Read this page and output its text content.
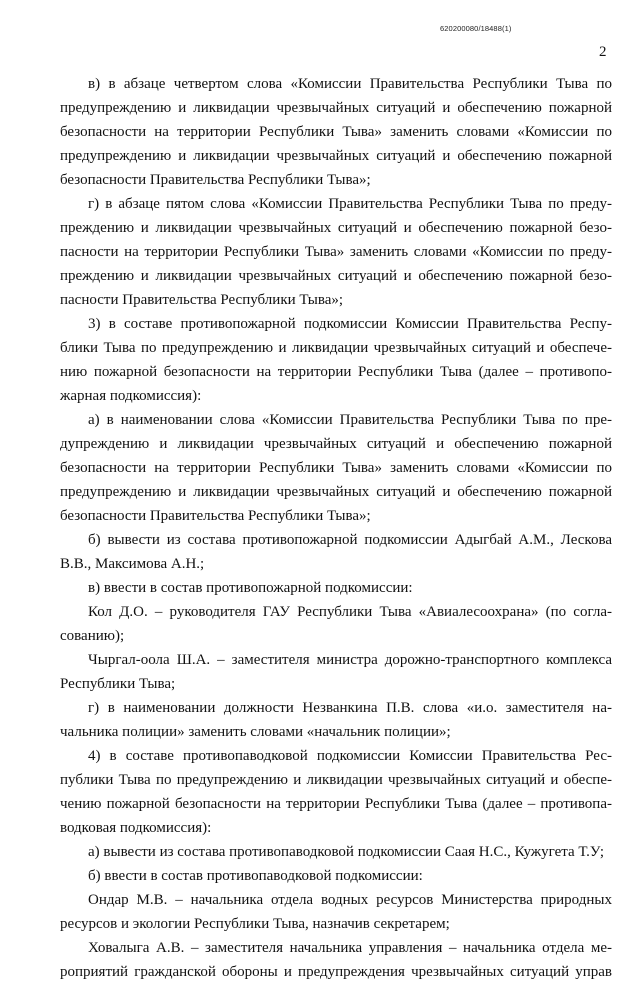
620200080/18488(1)
2

в) в абзаце четвертом слова «Комиссии Правительства Республики Тыва по предупреждению и ликвидации чрезвычайных ситуаций и обеспечению пожарной безопасности на территории Республики Тыва» заменить словами «Комиссии по предупреждению и ликвидации чрезвычайных ситуаций и обеспечению пожарной безопасности Правительства Республики Тыва»;

г) в абзаце пятом слова «Комиссии Правительства Республики Тыва по предупреждению и ликвидации чрезвычайных ситуаций и обеспечению пожарной безопасности на территории Республики Тыва» заменить словами «Комиссии по предупреждению и ликвидации чрезвычайных ситуаций и обеспечению пожарной безопасности Правительства Республики Тыва»;

3) в составе противопожарной подкомиссии Комиссии Правительства Республики Тыва по предупреждению и ликвидации чрезвычайных ситуаций и обеспечению пожарной безопасности на территории Республики Тыва (далее – противопожарная подкомиссия):

а) в наименовании слова «Комиссии Правительства Республики Тыва по предупреждению и ликвидации чрезвычайных ситуаций и обеспечению пожарной безопасности на территории Республики Тыва» заменить словами «Комиссии по предупреждению и ликвидации чрезвычайных ситуаций и обеспечению пожарной безопасности Правительства Республики Тыва»;

б) вывести из состава противопожарной подкомиссии Адыгбай А.М., Лескова В.В., Максимова А.Н.;

в) ввести в состав противопожарной подкомиссии:

Кол Д.О. – руководителя ГАУ Республики Тыва «Авиалесоохрана» (по согласованию);

Чыргал-оола Ш.А. – заместителя министра дорожно-транспортного комплекса Республики Тыва;

г) в наименовании должности Незванкина П.В. слова «и.о. заместителя начальника полиции» заменить словами «начальник полиции»;

4) в составе противопаводковой подкомиссии Комиссии Правительства Республики Тыва по предупреждению и ликвидации чрезвычайных ситуаций и обеспечению пожарной безопасности на территории Республики Тыва (далее – противопаводковая подкомиссия):

а) вывести из состава противопаводковой подкомиссии Саая Н.С., Кужугета Т.У;

б) ввести в состав противопаводковой подкомиссии:

Ондар М.В. – начальника отдела водных ресурсов Министерства природных ресурсов и экологии Республики Тыва, назначив секретарем;

Ховалыга А.В. – заместителя начальника управления – начальника отдела мероприятий гражданской обороны и предупреждения чрезвычайных ситуаций управ
